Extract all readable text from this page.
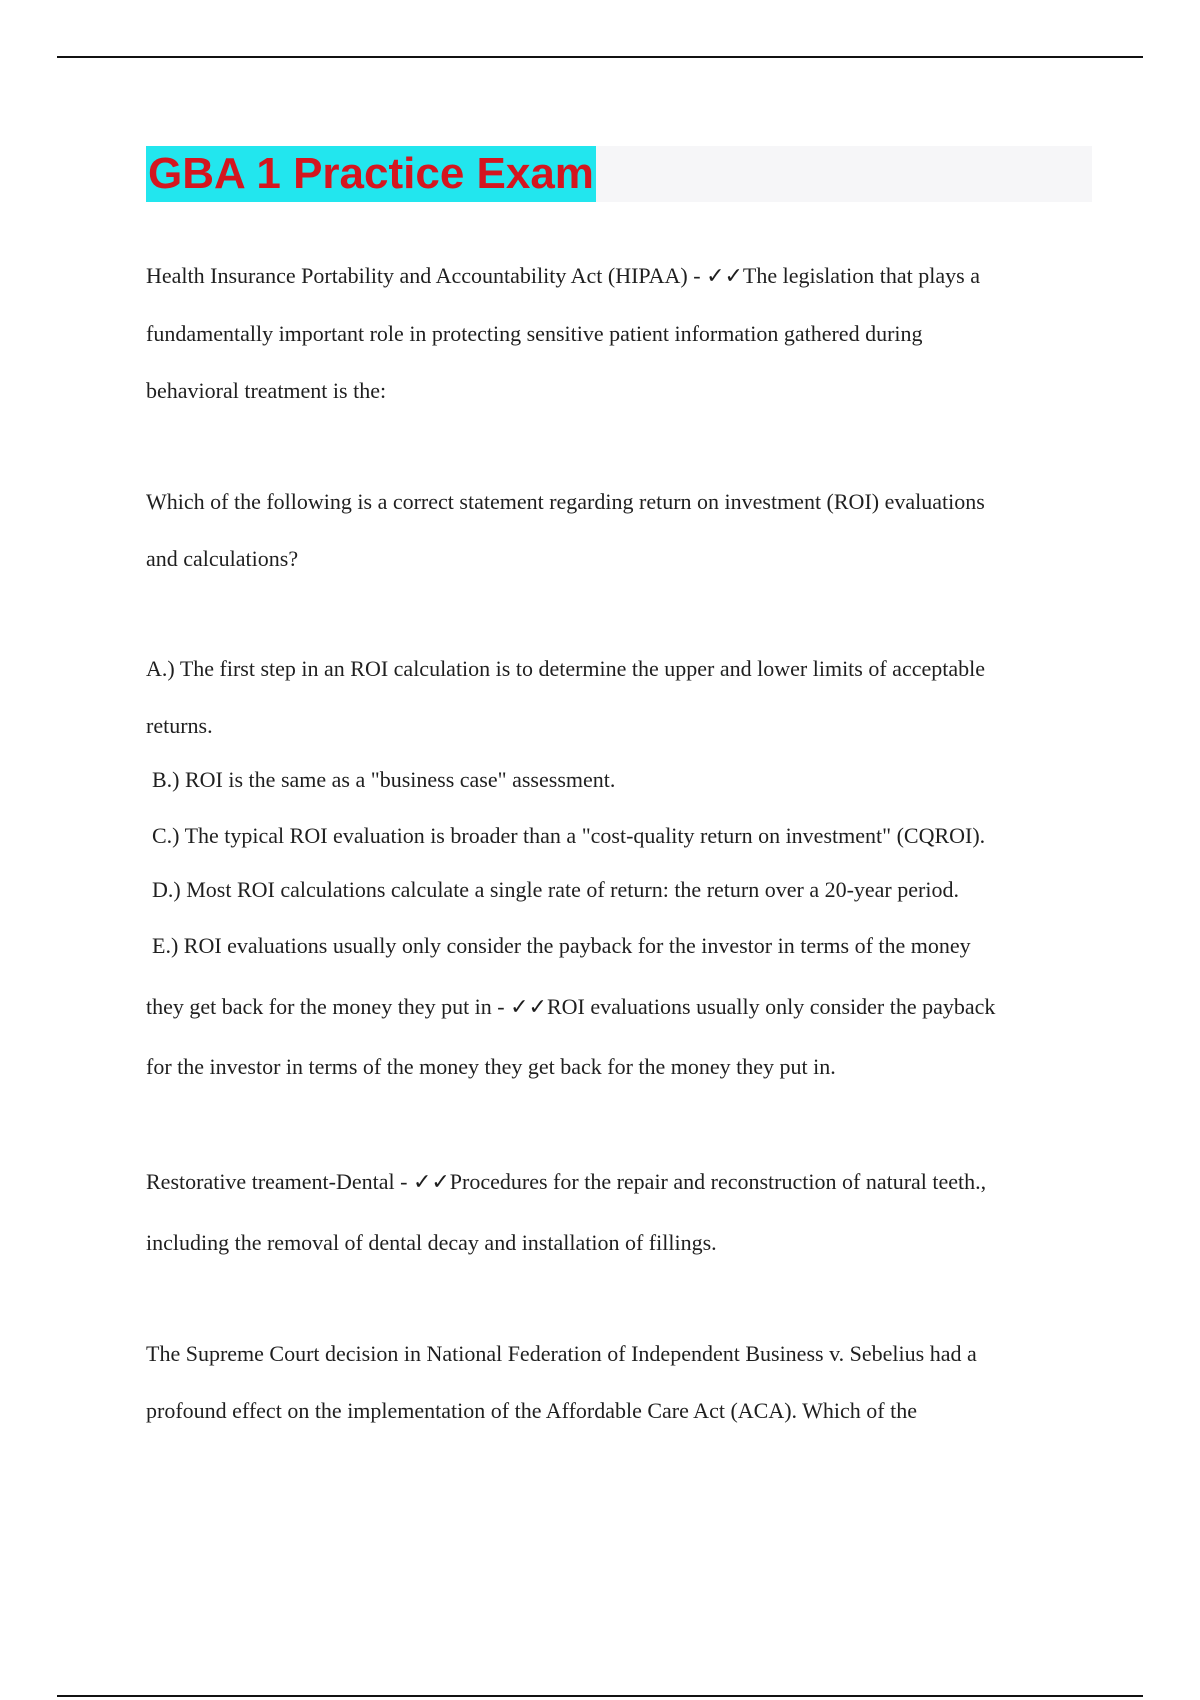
GBA 1 Practice Exam
Health Insurance Portability and Accountability Act (HIPAA) - ✓✓The legislation that plays a
fundamentally important role in protecting sensitive patient information gathered during
behavioral treatment is the:
Which of the following is a correct statement regarding return on investment (ROI) evaluations
and calculations?
A.) The first step in an ROI calculation is to determine the upper and lower limits of acceptable
returns.
B.) ROI is the same as a "business case" assessment.
C.) The typical ROI evaluation is broader than a "cost-quality return on investment" (CQROI).
D.) Most ROI calculations calculate a single rate of return: the return over a 20-year period.
E.) ROI evaluations usually only consider the payback for the investor in terms of the money
they get back for the money they put in - ✓✓ROI evaluations usually only consider the payback
for the investor in terms of the money they get back for the money they put in.
Restorative treament-Dental - ✓✓Procedures for the repair and reconstruction of natural teeth.,
including the removal of dental decay and installation of fillings.
The Supreme Court decision in National Federation of Independent Business v. Sebelius had a
profound effect on the implementation of the Affordable Care Act (ACA). Which of the
